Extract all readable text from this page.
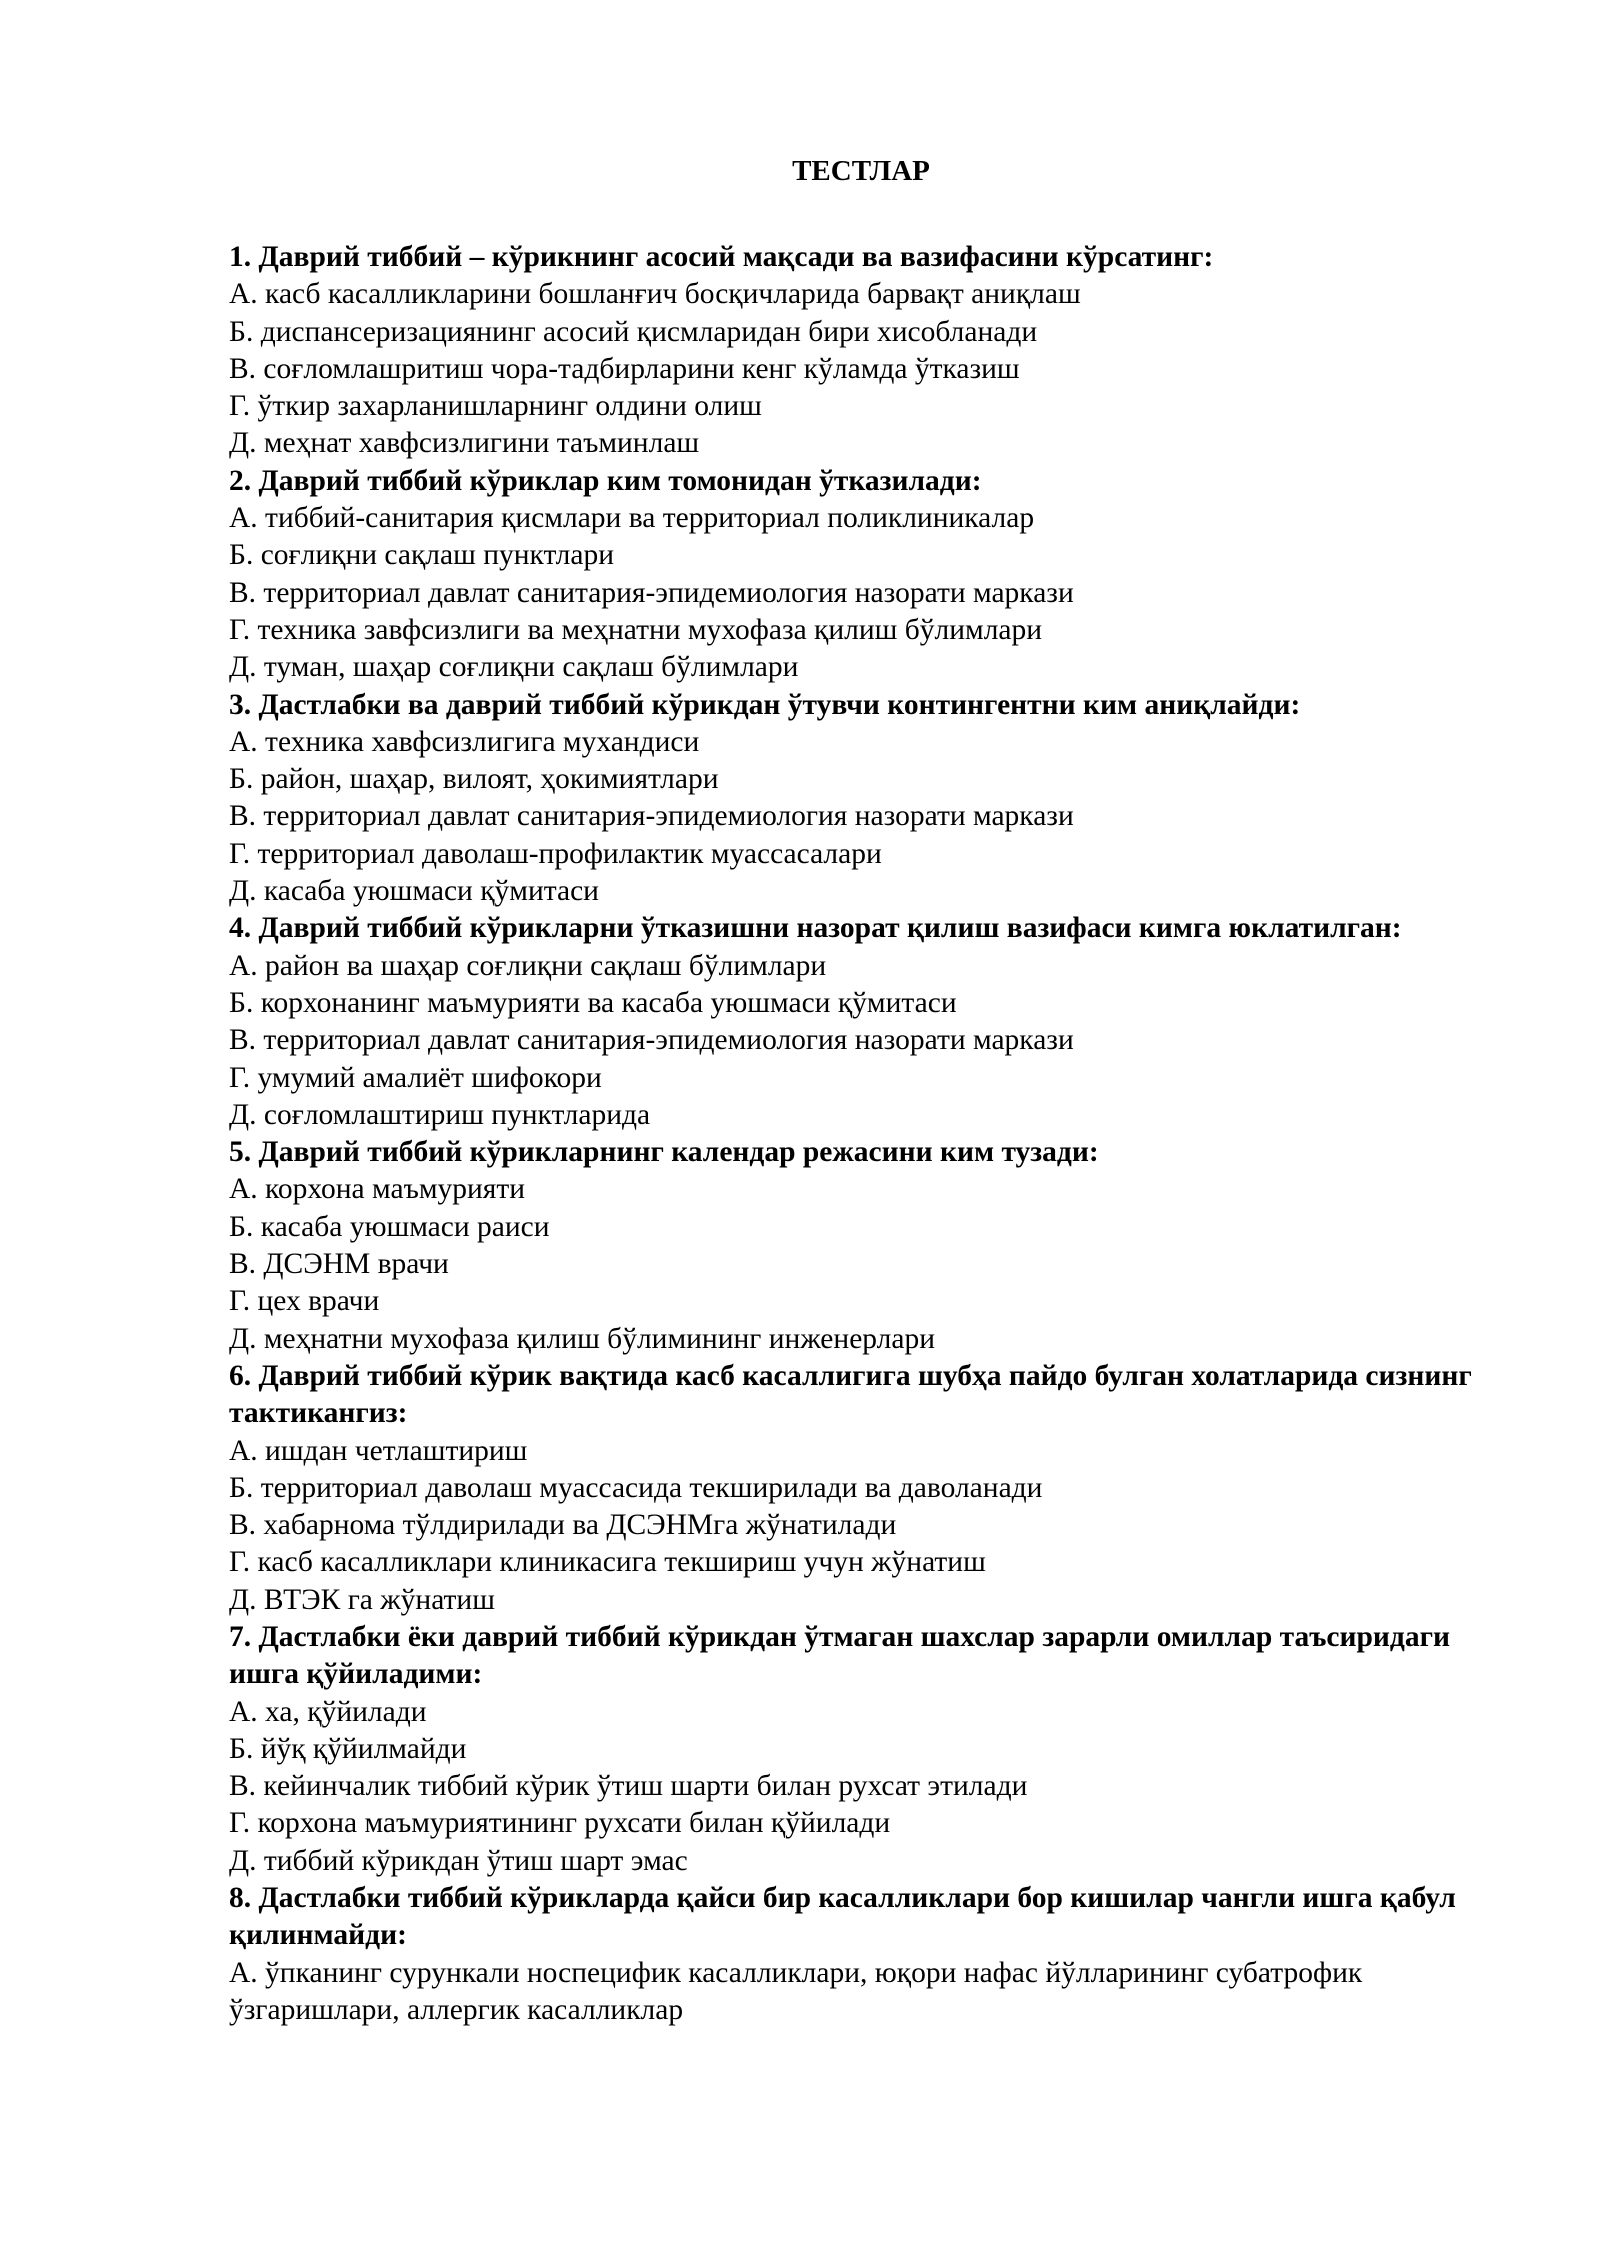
ТЕСТЛАР

1. Даврий тиббий – кўрикнинг асосий мақсади ва вазифасини кўрсатинг:

А. касб касалликларини бошланғич босқичларида барвақт аниқлаш

Б. диспансеризациянинг асосий қисмларидан бири хисобланади

В. соғломлашритиш чора-тадбирларини кенг кўламда ўтказиш

Г. ўткир захарланишларнинг олдини олиш

Д. меҳнат хавфсизлигини таъминлаш

2. Даврий тиббий кўриклар ким томонидан ўтказилади:

А. тиббий-санитария қисмлари ва территориал поликлиникалар

Б. соғлиқни сақлаш пунктлари

В. территориал давлат санитария-эпидемиология назорати маркази

Г. техника завфсизлиги ва меҳнатни мухофаза қилиш бўлимлари

Д. туман, шаҳар соғлиқни сақлаш бўлимлари

3. Дастлабки ва даврий тиббий кўрикдан ўтувчи контингентни ким аниқлайди:

А. техника хавфсизлигига мухандиси

Б. район, шаҳар, вилоят, ҳокимиятлари

В. территориал давлат санитария-эпидемиология назорати маркази

Г. территориал даволаш-профилактик муассасалари

Д. касаба уюшмаси қўмитаси

4. Даврий тиббий кўрикларни ўтказишни назорат қилиш вазифаси кимга юклатилган:

А. район ва шаҳар соғлиқни сақлаш бўлимлари

Б. корхонанинг маъмурияти ва касаба уюшмаси қўмитаси

В. территориал давлат санитария-эпидемиология назорати маркази

Г. умумий амалиёт шифокори

Д. соғломлаштириш пунктларида

5. Даврий тиббий кўрикларнинг календар режасини ким тузади:

А. корхона маъмурияти

Б. касаба уюшмаси раиси

В. ДСЭНМ врачи

Г. цех врачи

Д. меҳнатни мухофаза қилиш бўлимининг инженерлари

6. Даврий тиббий кўрик вақтида касб касаллигига шубҳа пайдо булган холатларида сизнинг тактикангиз:

А. ишдан четлаштириш

Б. территориал даволаш муассасида текширилади ва даволанади

В. хабарнома тўлдирилади ва ДСЭНМга жўнатилади

Г. касб касалликлари клиникасига текшириш учун жўнатиш

Д. ВТЭК га жўнатиш

7. Дастлабки ёки даврий тиббий кўрикдан ўтмаган шахслар зарарли омиллар таъсиридаги ишга қўйиладими:

А. ха, қўйилади

Б. йўқ қўйилмайди

В. кейинчалик тиббий кўрик ўтиш шарти билан рухсат этилади

Г. корхона маъмуриятининг рухсати билан қўйилади

Д. тиббий кўрикдан ўтиш шарт эмас

8. Дастлабки тиббий кўрикларда қайси бир касалликлари бор кишилар чангли ишга қабул қилинмайди:

А. ўпканинг сурункали носпецифик касалликлари, юқори нафас йўлларининг субатрофик ўзгаришлари, аллергик касалликлар
